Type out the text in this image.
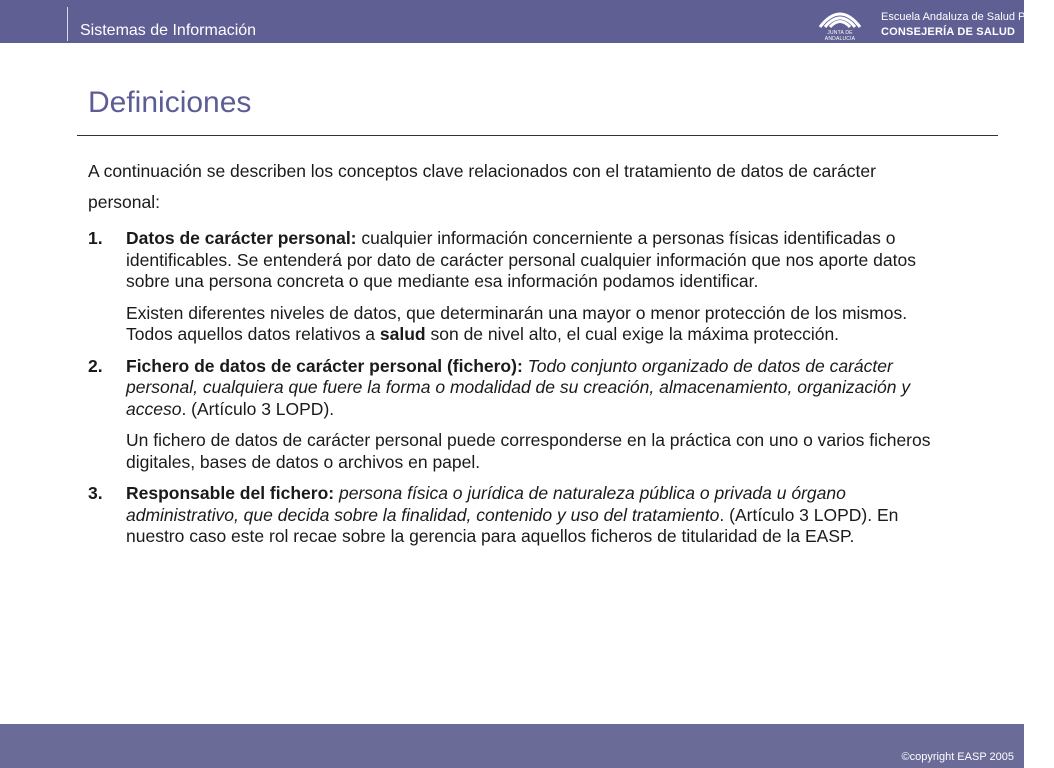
Sistemas de Información	JUNTA DE ANDALUCIA
Escuela Andaluza de Salud Pública
CONSEJERÍA DE SALUD
Definiciones
A continuación se describen los conceptos clave relacionados con el tratamiento de datos de carácter personal:
1. Datos de carácter personal: cualquier información concerniente a personas físicas identificadas o identificables. Se entenderá por dato de carácter personal cualquier información que nos aporte datos sobre una persona concreta o que mediante esa información podamos identificar.
Existen diferentes niveles de datos, que determinarán una mayor o menor protección de los mismos. Todos aquellos datos relativos a salud son de nivel alto, el cual exige la máxima protección.
2. Fichero de datos de carácter personal (fichero): Todo conjunto organizado de datos de carácter personal, cualquiera que fuere la forma o modalidad de su creación, almacenamiento, organización y acceso. (Artículo 3 LOPD).
Un fichero de datos de carácter personal puede corresponderse en la práctica con uno o varios ficheros digitales, bases de datos o archivos en papel.
3. Responsable del fichero: persona física o jurídica de naturaleza pública o privada u órgano administrativo, que decida sobre la finalidad, contenido y uso del tratamiento. (Artículo 3 LOPD). En nuestro caso este rol recae sobre la gerencia para aquellos ficheros de titularidad de la EASP.
©copyright EASP 2005
